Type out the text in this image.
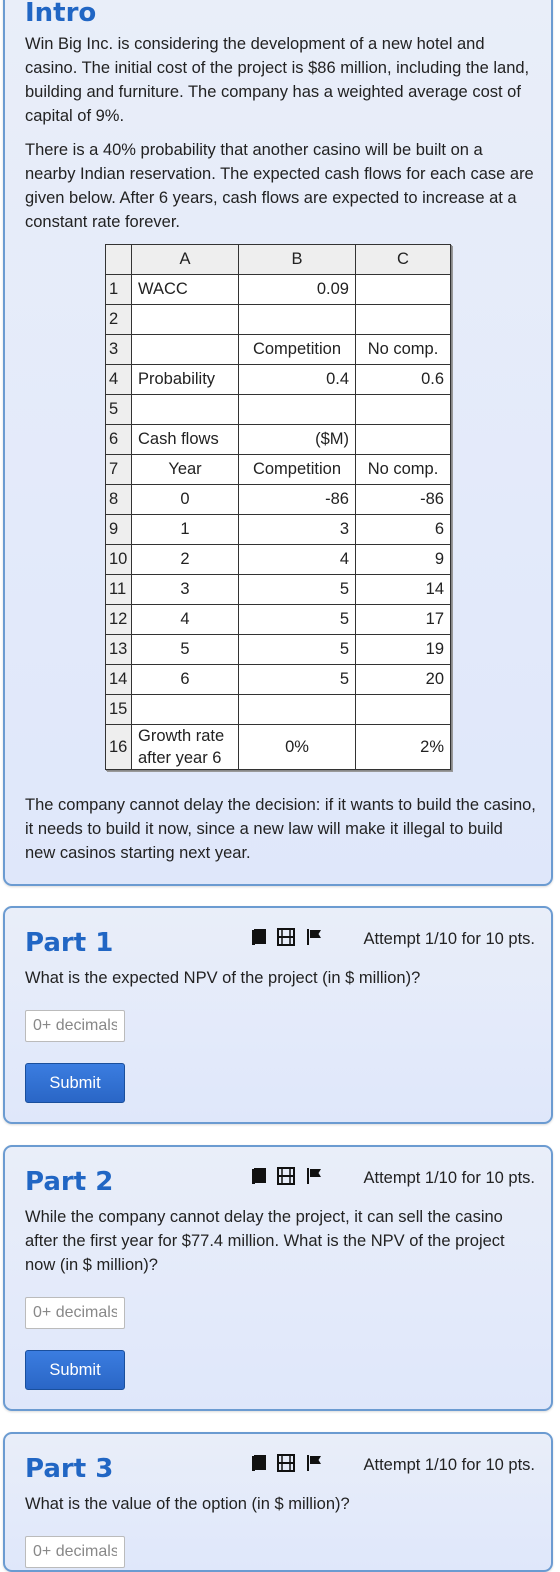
Intro

Win Big Inc. is considering the development of a new hotel and casino. The initial cost of the project is $86 million, including the land, building and furniture. The company has a weighted average cost of capital of 9%.

There is a 40% probability that another casino will be built on a nearby Indian reservation. The expected cash flows for each case are given below. After 6 years, cash flows are expected to increase at a constant rate forever.

	A	B	C
1	WACC	0.09	
2			
3		Competition	No comp.
4	Probability	0.4	0.6
5			
6	Cash flows	($M)	
7	Year	Competition	No comp.
8	0	-86	-86
9	1	3	6
10	2	4	9
11	3	5	14
12	4	5	17
13	5	5	19
14	6	5	20
15			
16	Growth rate after year 6	0%	2%

The company cannot delay the decision: if it wants to build the casino, it needs to build it now, since a new law will make it illegal to build new casinos starting next year.

Part 1	Attempt 1/10 for 10 pts.

What is the expected NPV of the project (in $ million)?

0+ decimals
Submit
Part 2	Attempt 1/10 for 10 pts.

While the company cannot delay the project, it can sell the casino after the first year for $77.4 million. What is the NPV of the project now (in $ million)?

0+ decimals
Submit
Part 3	Attempt 1/10 for 10 pts.

What is the value of the option (in $ million)?

0+ decimals
